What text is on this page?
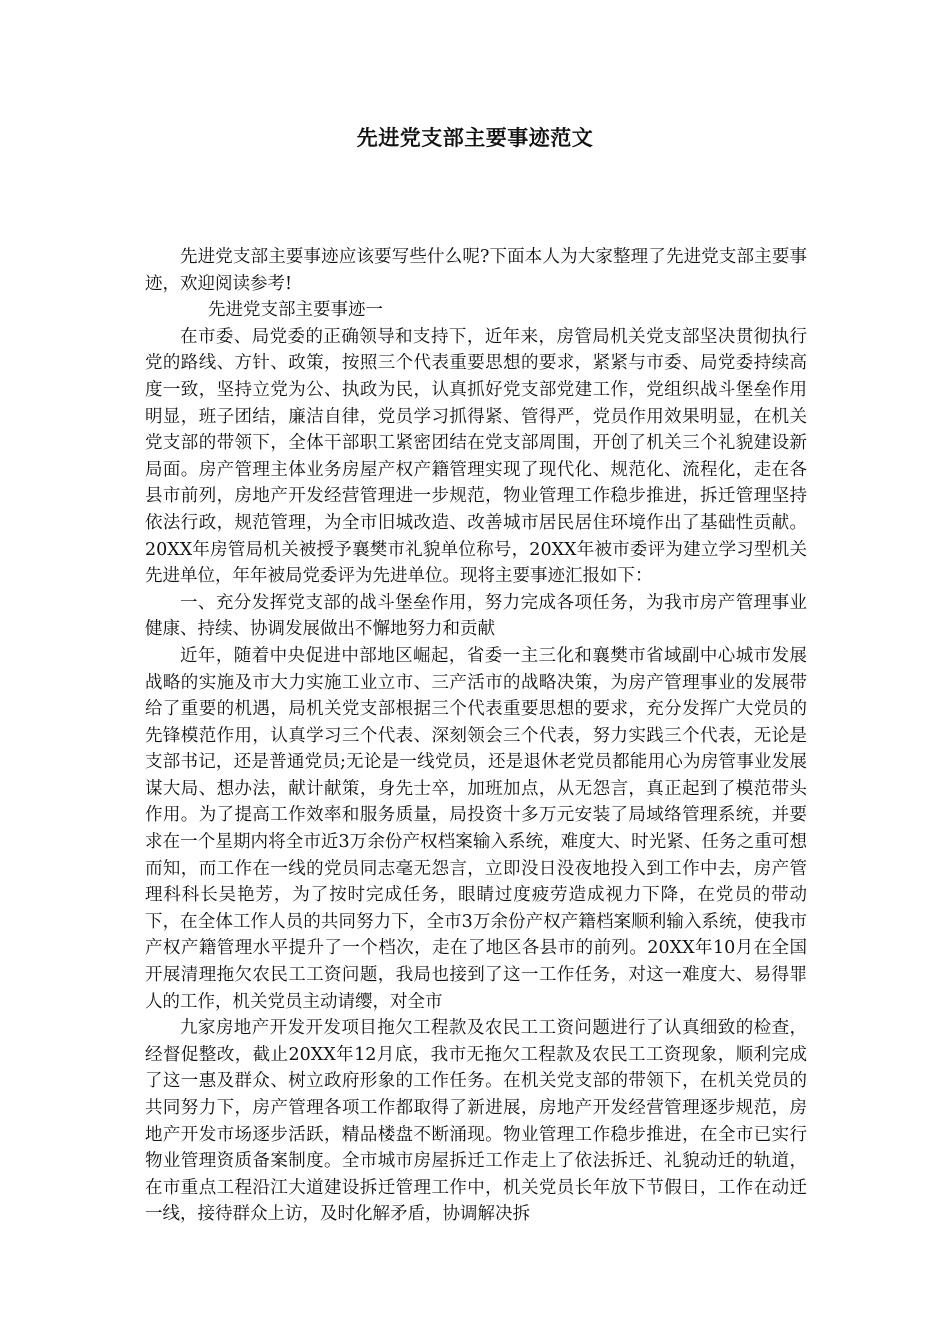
先进党支部主要事迹范文

先进党支部主要事迹应该要写些什么呢?下面本人为大家整理了先进党支部主要事迹，欢迎阅读参考!

先进党支部主要事迹一

在市委、局党委的正确领导和支持下，近年来，房管局机关党支部坚决贯彻执行党的路线、方针、政策，按照三个代表重要思想的要求，紧紧与市委、局党委持续高度一致，坚持立党为公、执政为民，认真抓好党支部党建工作，党组织战斗堡垒作用明显，班子团结，廉洁自律，党员学习抓得紧、管得严，党员作用效果明显，在机关党支部的带领下，全体干部职工紧密团结在党支部周围，开创了机关三个礼貌建设新局面。房产管理主体业务房屋产权产籍管理实现了现代化、规范化、流程化，走在各县市前列，房地产开发经营管理进一步规范，物业管理工作稳步推进，拆迁管理坚持依法行政，规范管理，为全市旧城改造、改善城市居民居住环境作出了基础性贡献。20XX年房管局机关被授予襄樊市礼貌单位称号，20XX年被市委评为建立学习型机关先进单位，年年被局党委评为先进单位。现将主要事迹汇报如下：

一、充分发挥党支部的战斗堡垒作用，努力完成各项任务，为我市房产管理事业健康、持续、协调发展做出不懈地努力和贡献

近年，随着中央促进中部地区崛起，省委一主三化和襄樊市省域副中心城市发展战略的实施及市大力实施工业立市、三产活市的战略决策，为房产管理事业的发展带给了重要的机遇，局机关党支部根据三个代表重要思想的要求，充分发挥广大党员的先锋模范作用，认真学习三个代表、深刻领会三个代表，努力实践三个代表，无论是支部书记，还是普通党员;无论是一线党员，还是退休老党员都能用心为房管事业发展谋大局、想办法，献计献策，身先士卒，加班加点，从无怨言，真正起到了模范带头作用。为了提高工作效率和服务质量，局投资十多万元安装了局域络管理系统，并要求在一个星期内将全市近3万余份产权档案输入系统，难度大、时光紧、任务之重可想而知，而工作在一线的党员同志毫无怨言，立即没日没夜地投入到工作中去，房产管理科科长吴艳芳，为了按时完成任务，眼睛过度疲劳造成视力下降，在党员的带动下，在全体工作人员的共同努力下，全市3万余份产权产籍档案顺利输入系统，使我市产权产籍管理水平提升了一个档次，走在了地区各县市的前列。20XX年10月在全国开展清理拖欠农民工工资问题，我局也接到了这一工作任务，对这一难度大、易得罪人的工作，机关党员主动请缨，对全市

九家房地产开发开发项目拖欠工程款及农民工工资问题进行了认真细致的检查，经督促整改，截止20XX年12月底，我市无拖欠工程款及农民工工资现象，顺利完成了这一惠及群众、树立政府形象的工作任务。在机关党支部的带领下，在机关党员的共同努力下，房产管理各项工作都取得了新进展，房地产开发经营管理逐步规范，房地产开发市场逐步活跃，精品楼盘不断涌现。物业管理工作稳步推进，在全市已实行物业管理资质备案制度。全市城市房屋拆迁工作走上了依法拆迁、礼貌动迁的轨道，在市重点工程沿江大道建设拆迁管理工作中，机关党员长年放下节假日，工作在动迁一线，接待群众上访，及时化解矛盾，协调解决拆
